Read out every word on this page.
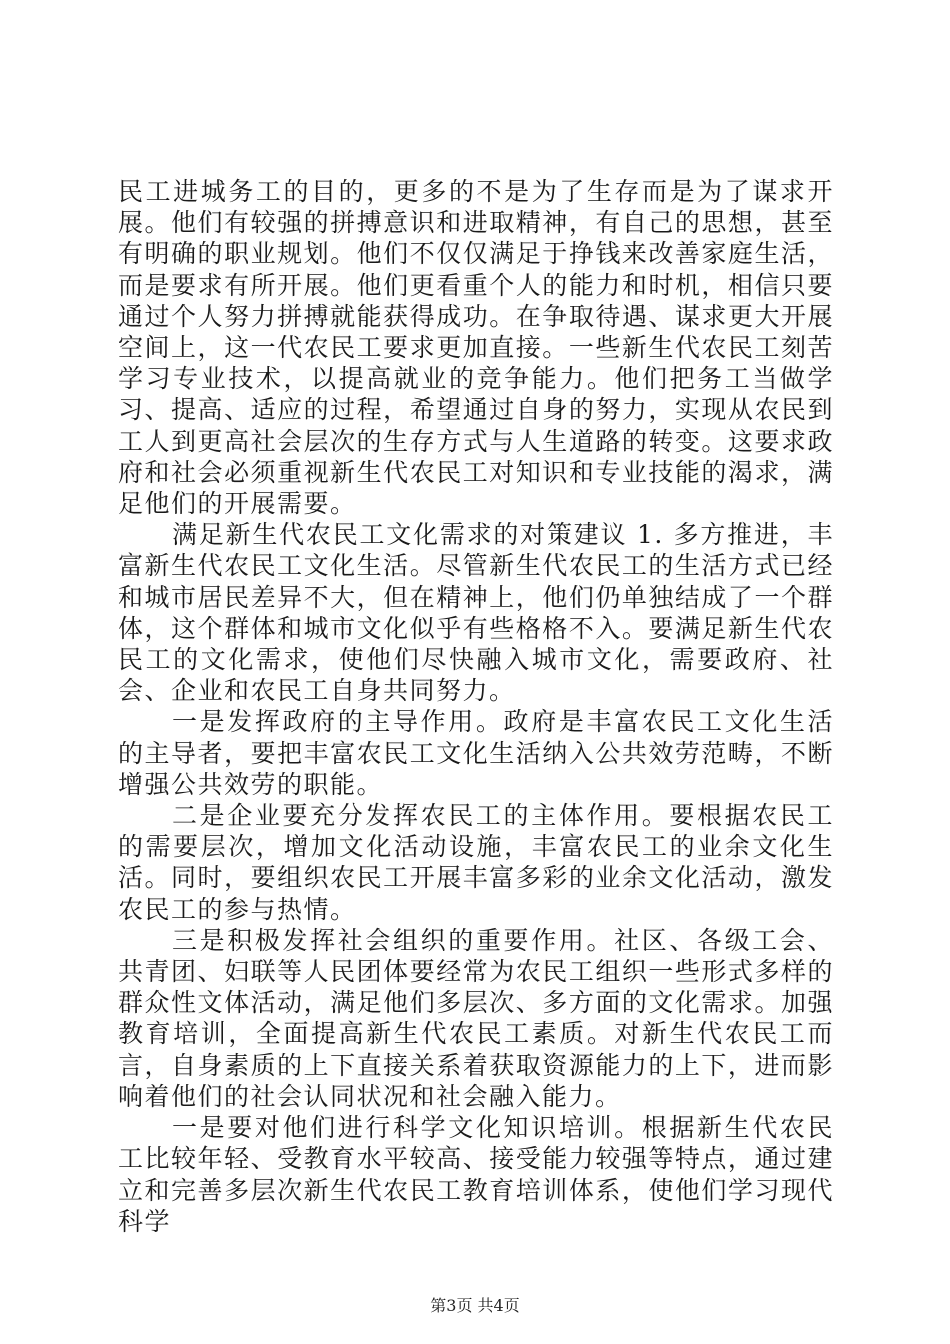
民工进城务工的目的，更多的不是为了生存而是为了谋求开展。他们有较强的拼搏意识和进取精神，有自己的思想，甚至有明确的职业规划。他们不仅仅满足于挣钱来改善家庭生活，而是要求有所开展。他们更看重个人的能力和时机，相信只要通过个人努力拼搏就能获得成功。在争取待遇、谋求更大开展空间上，这一代农民工要求更加直接。一些新生代农民工刻苦学习专业技术，以提高就业的竞争能力。他们把务工当做学习、提高、适应的过程，希望通过自身的努力，实现从农民到工人到更高社会层次的生存方式与人生道路的转变。这要求政府和社会必须重视新生代农民工对知识和专业技能的渴求，满足他们的开展需要。

满足新生代农民工文化需求的对策建议 1. 多方推进，丰富新生代农民工文化生活。尽管新生代农民工的生活方式已经和城市居民差异不大，但在精神上，他们仍单独结成了一个群体，这个群体和城市文化似乎有些格格不入。要满足新生代农民工的文化需求，使他们尽快融入城市文化，需要政府、社会、企业和农民工自身共同努力。

一是发挥政府的主导作用。政府是丰富农民工文化生活的主导者，要把丰富农民工文化生活纳入公共效劳范畴，不断增强公共效劳的职能。

二是企业要充分发挥农民工的主体作用。要根据农民工的需要层次，增加文化活动设施，丰富农民工的业余文化生活。同时，要组织农民工开展丰富多彩的业余文化活动，激发农民工的参与热情。

三是积极发挥社会组织的重要作用。社区、各级工会、共青团、妇联等人民团体要经常为农民工组织一些形式多样的群众性文体活动，满足他们多层次、多方面的文化需求。加强教育培训，全面提高新生代农民工素质。对新生代农民工而言，自身素质的上下直接关系着获取资源能力的上下，进而影响着他们的社会认同状况和社会融入能力。

一是要对他们进行科学文化知识培训。根据新生代农民工比较年轻、受教育水平较高、接受能力较强等特点，通过建立和完善多层次新生代农民工教育培训体系，使他们学习现代科学

第3页 共4页
